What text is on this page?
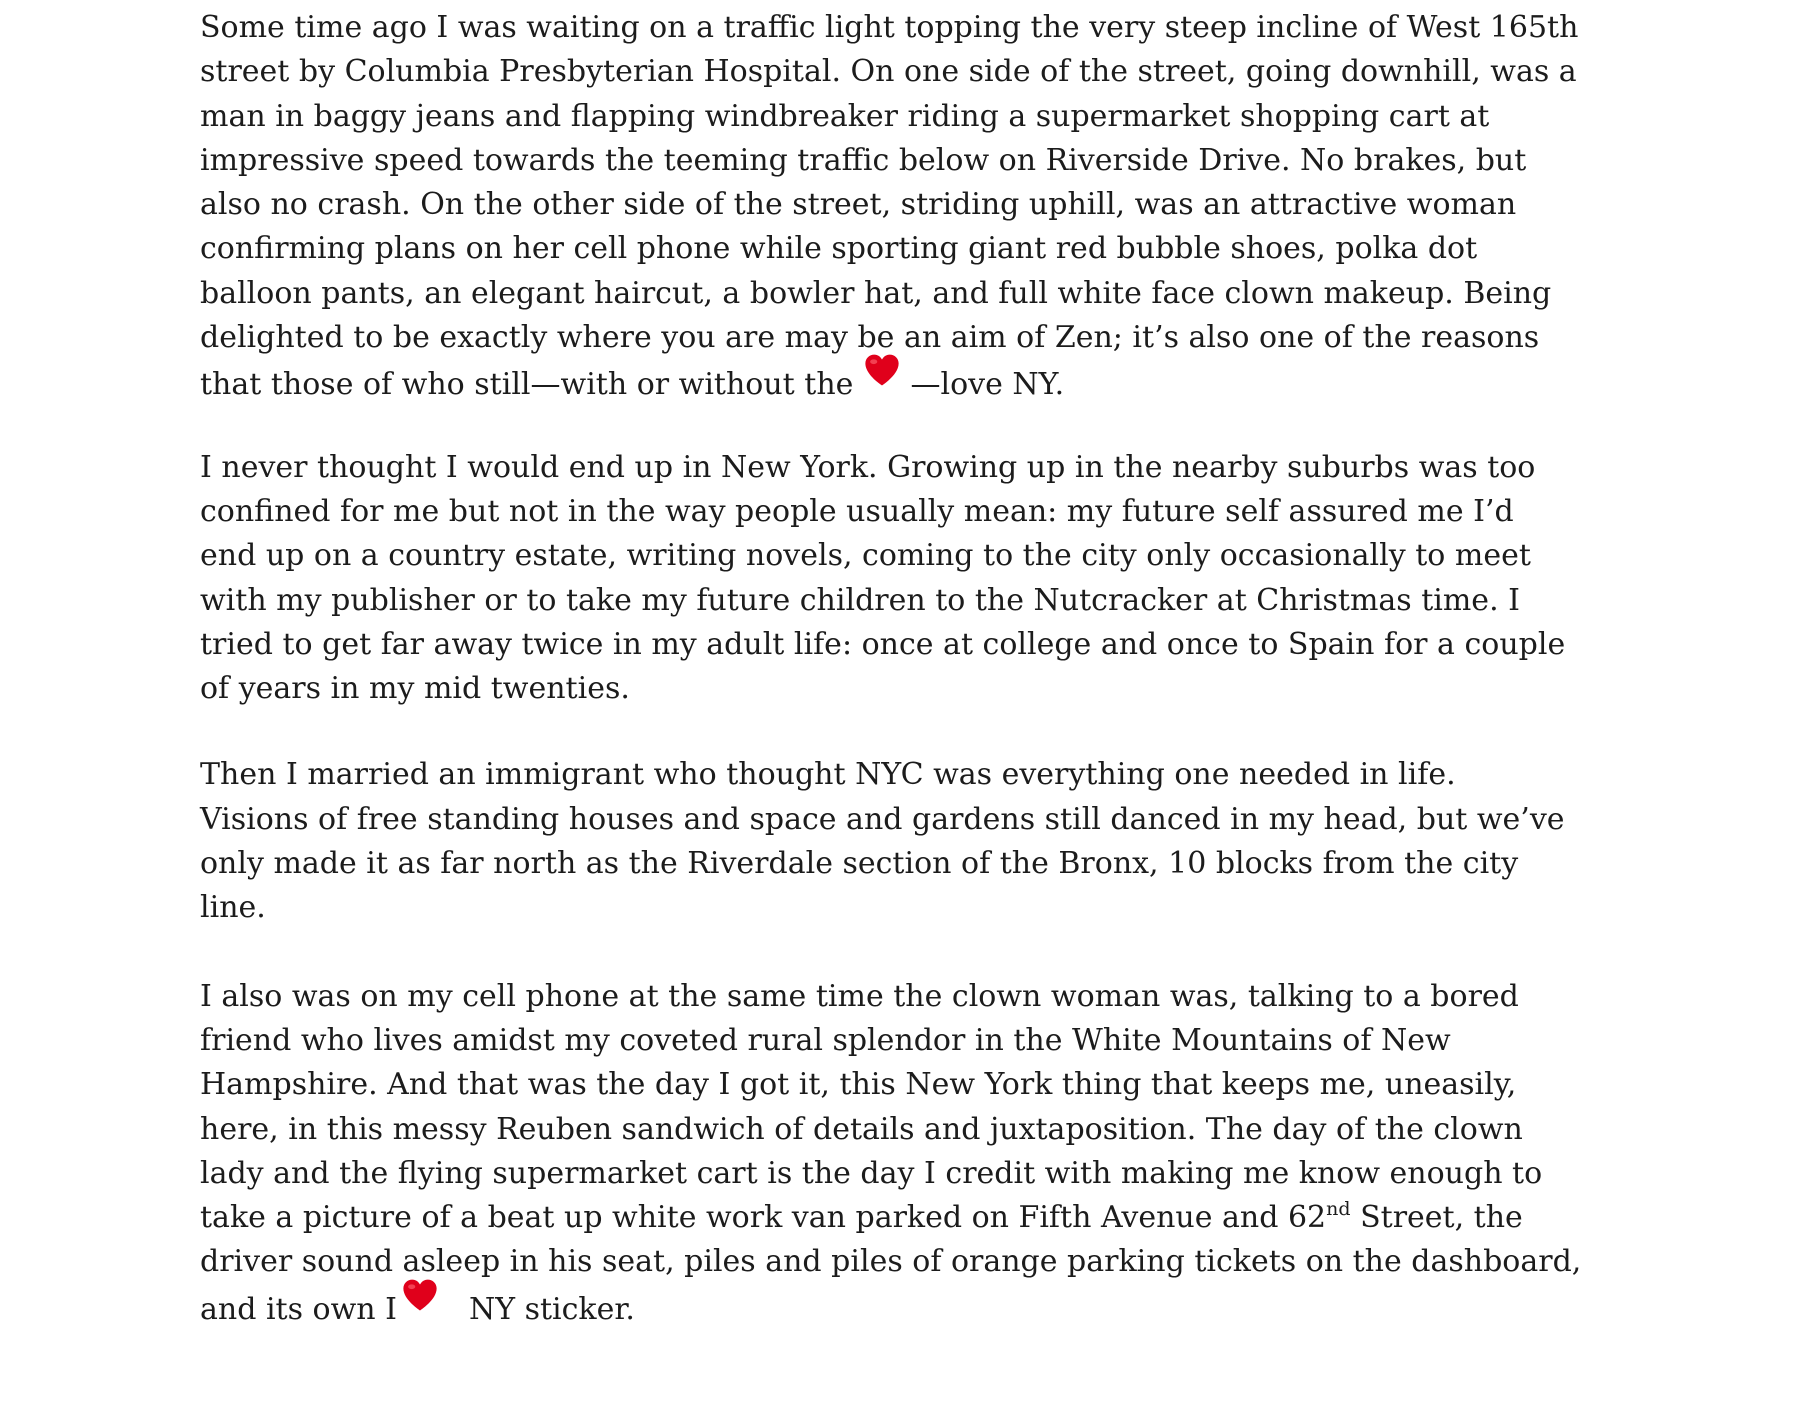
Some time ago I was waiting on a traffic light topping the very steep incline of West 165th
street by Columbia Presbyterian Hospital. On one side of the street, going downhill, was a
man in baggy jeans and flapping windbreaker riding a supermarket shopping cart at
impressive speed towards the teeming traffic below on Riverside Drive. No brakes, but
also no crash. On the other side of the street, striding uphill, was an attractive woman
confirming plans on her cell phone while sporting giant red bubble shoes, polka dot
balloon pants, an elegant haircut, a bowler hat, and full white face clown makeup. Being
delighted to be exactly where you are may be an aim of Zen; it’s also one of the reasons
that those of who still—with or without the —love NY.

I never thought I would end up in New York. Growing up in the nearby suburbs was too
confined for me but not in the way people usually mean: my future self assured me I’d
end up on a country estate, writing novels, coming to the city only occasionally to meet
with my publisher or to take my future children to the Nutcracker at Christmas time. I
tried to get far away twice in my adult life: once at college and once to Spain for a couple
of years in my mid twenties.

Then I married an immigrant who thought NYC was everything one needed in life.
Visions of free standing houses and space and gardens still danced in my head, but we’ve
only made it as far north as the Riverdale section of the Bronx, 10 blocks from the city
line.

I also was on my cell phone at the same time the clown woman was, talking to a bored
friend who lives amidst my coveted rural splendor in the White Mountains of New
Hampshire. And that was the day I got it, this New York thing that keeps me, uneasily,
here, in this messy Reuben sandwich of details and juxtaposition. The day of the clown
lady and the flying supermarket cart is the day I credit with making me know enough to
take a picture of a beat up white work van parked on Fifth Avenue and 62nd Street, the
driver sound asleep in his seat, piles and piles of orange parking tickets on the dashboard,
and its own I NY sticker.
